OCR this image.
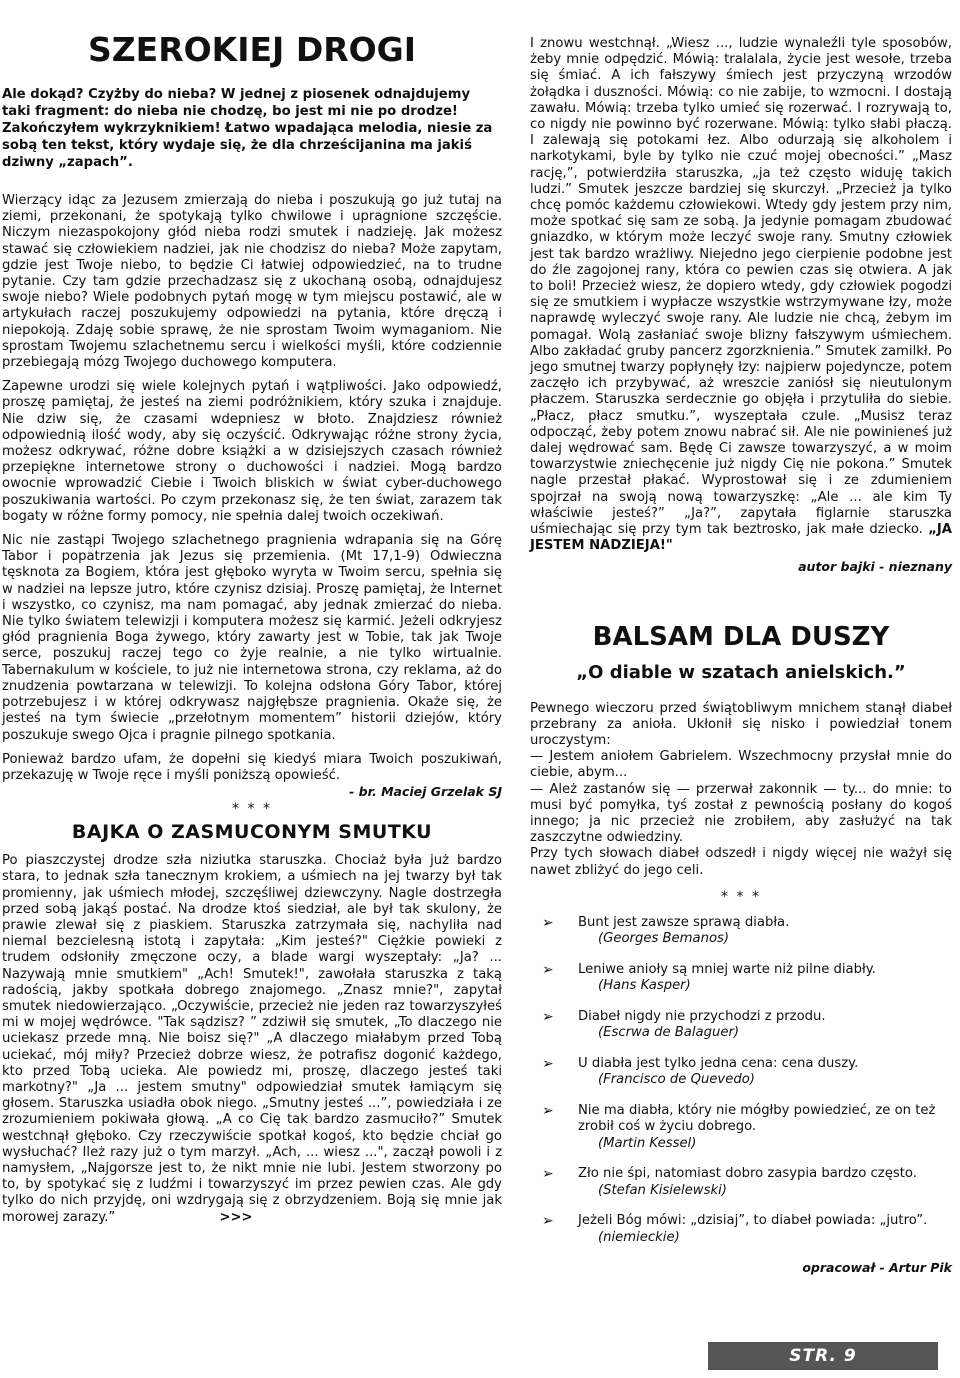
SZEROKIEJ DROGI

Ale dokąd? Czyżby do nieba? W jednej z piosenek odnajdujemy taki fragment: do nieba nie chodzę, bo jest mi nie po drodze! Zakończyłem wykrzyknikiem! Łatwo wpadająca melodia, niesie za sobą ten tekst, który wydaje się, że dla chrześcijanina ma jakiś dziwny „zapach”.

Wierzący idąc za Jezusem zmierzają do nieba i poszukują go już tutaj na ziemi, przekonani, że spotykają tylko chwilowe i upragnione szczęście. Niczym niezaspokojony głód nieba rodzi smutek i nadzieję. Jak możesz stawać się człowiekiem nadziei, jak nie chodzisz do nieba? Może zapytam, gdzie jest Twoje niebo, to będzie Ci łatwiej odpowiedzieć, na to trudne pytanie. Czy tam gdzie przechadzasz się z ukochaną osobą, odnajdujesz swoje niebo? Wiele podobnych pytań mogę w tym miejscu postawić, ale w artykułach raczej poszukujemy odpowiedzi na pytania, które dręczą i niepokoją. Zdaję sobie sprawę, że nie sprostam Twoim wymaganiom. Nie sprostam Twojemu szlachetnemu sercu i wielkości myśli, które codziennie przebiegają mózg Twojego duchowego komputera.

Zapewne urodzi się wiele kolejnych pytań i wątpliwości. Jako odpowiedź, proszę pamiętaj, że jesteś na ziemi podróżnikiem, który szuka i znajduje. Nie dziw się, że czasami wdepniesz w błoto. Znajdziesz również odpowiednią ilość wody, aby się oczyścić. Odkrywając różne strony życia, możesz odkrywać, różne dobre książki a w dzisiejszych czasach również przepiękne internetowe strony o duchowości i nadziei. Mogą bardzo owocnie wprowadzić Ciebie i Twoich bliskich w świat cyber-duchowego poszukiwania wartości. Po czym przekonasz się, że ten świat, zarazem tak bogaty w różne formy pomocy, nie spełnia dalej twoich oczekiwań.

Nic nie zastąpi Twojego szlachetnego pragnienia wdrapania się na Górę Tabor i popatrzenia jak Jezus się przemienia. (Mt 17,1-9) Odwieczna tęsknota za Bogiem, która jest głęboko wyryta w Twoim sercu, spełnia się w nadziei na lepsze jutro, które czynisz dzisiaj. Proszę pamiętaj, że Internet i wszystko, co czynisz, ma nam pomagać, aby jednak zmierzać do nieba. Nie tylko światem telewizji i komputera możesz się karmić. Jeżeli odkryjesz głód pragnienia Boga żywego, który zawarty jest w Tobie, tak jak Twoje serce, poszukuj raczej tego co żyje realnie, a nie tylko wirtualnie. Tabernakulum w kościele, to już nie internetowa strona, czy reklama, aż do znudzenia powtarzana w telewizji. To kolejna odsłona Góry Tabor, której potrzebujesz i w której odkrywasz najgłębsze pragnienia. Okaże się, że jesteś na tym świecie „przełotnym momentem” historii dziejów, który poszukuje swego Ojca i pragnie pilnego spotkania.

Ponieważ bardzo ufam, że dopełni się kiedyś miara Twoich poszukiwań, przekazuję w Twoje ręce i myśli poniższą opowieść.

- br. Maciej Grzelak SJ

* * *

BAJKA O ZASMUCONYM SMUTKU

Po piaszczystej drodze szła niziutka staruszka. Chociaż była już bardzo stara, to jednak szła tanecznym krokiem, a uśmiech na jej twarzy był tak promienny, jak uśmiech młodej, szczęśliwej dziewczyny. Nagle dostrzegła przed sobą jakąś postać. Na drodze ktoś siedział, ale był tak skulony, że prawie zlewał się z piaskiem. Staruszka zatrzymała się, nachyliła nad niemal bezcielesną istotą i zapytała: „Kim jesteś?" Ciężkie powieki z trudem odsłoniły zmęczone oczy, a blade wargi wyszeptały: „Ja? ... Nazywają mnie smutkiem" „Ach! Smutek!", zawołała staruszka z taką radością, jakby spotkała dobrego znajomego. „Znasz mnie?", zapytał smutek niedowierzająco. „Oczywiście, przecież nie jeden raz towarzyszyłeś mi w mojej wędrówce. "Tak sądzisz? ” zdziwił się smutek, „To dlaczego nie uciekasz przede mną. Nie boisz się?" „A dlaczego miałabym przed Tobą uciekać, mój miły? Przecież dobrze wiesz, że potrafisz dogonić każdego, kto przed Tobą ucieka. Ale powiedz mi, proszę, dlaczego jesteś taki markotny?" „Ja ... jestem smutny" odpowiedział smutek łamiącym się głosem. Staruszka usiadła obok niego. „Smutny jesteś ...”, powiedziała i ze zrozumieniem pokiwała głową. „A co Cię tak bardzo zasmuciło?” Smutek westchnął głęboko. Czy rzeczywiście spotkał kogoś, kto będzie chciał go wysłuchać? Ileż razy już o tym marzył. „Ach, ... wiesz ...", zaczął powoli i z namysłem, „Najgorsze jest to, że nikt mnie nie lubi. Jestem stworzony po to, by spotykać się z ludźmi i towarzyszyć im przez pewien czas. Ale gdy tylko do nich przyjdę, oni wzdrygają się z obrzydzeniem. Boją się mnie jak morowej zarazy.”	>>>

I znowu westchnął. „Wiesz ..., ludzie wynaleźli tyle sposobów, żeby mnie odpędzić. Mówią: tralalala, życie jest wesołe, trzeba się śmiać. A ich fałszywy śmiech jest przyczyną wrzodów żołądka i duszności. Mówią: co nie zabije, to wzmocni. I dostają zawału. Mówią: trzeba tylko umieć się rozerwać. I rozrywają to, co nigdy nie powinno być rozerwane. Mówią: tylko słabi płaczą. I zalewają się potokami łez. Albo odurzają się alkoholem i narkotykami, byle by tylko nie czuć mojej obecności.” „Masz rację,”, potwierdziła staruszka, „ja też często widuję takich ludzi.” Smutek jeszcze bardziej się skurczył. „Przecież ja tylko chcę pomóc każdemu człowiekowi. Wtedy gdy jestem przy nim, może spotkać się sam ze sobą. Ja jedynie pomagam zbudować gniazdko, w którym może leczyć swoje rany. Smutny człowiek jest tak bardzo wrażliwy. Niejedno jego cierpienie podobne jest do źle zagojonej rany, która co pewien czas się otwiera. A jak to boli! Przecież wiesz, że dopiero wtedy, gdy człowiek pogodzi się ze smutkiem i wypłacze wszystkie wstrzymywane łzy, może naprawdę wyleczyć swoje rany. Ale ludzie nie chcą, żebym im pomagał. Wolą zasłaniać swoje blizny fałszywym uśmiechem. Albo zakładać gruby pancerz zgorzknienia.” Smutek zamilkł. Po jego smutnej twarzy popłynęły łzy: najpierw pojedyncze, potem zaczęło ich przybywać, aż wreszcie zaniósł się nieutulonym płaczem. Staruszka serdecznie go objęła i przytuliła do siebie. „Płacz, płacz smutku.”, wyszeptała czule. „Musisz teraz odpocząć, żeby potem znowu nabrać sił. Ale nie powinieneś już dalej wędrować sam. Będę Ci zawsze towarzyszyć, a w moim towarzystwie zniechęcenie już nigdy Cię nie pokona.” Smutek nagle przestał płakać. Wyprostował się i ze zdumieniem spojrzał na swoją nową towarzyszkę: „Ale ... ale kim Ty właściwie jesteś?” „Ja?”, zapytała figlarnie staruszka uśmiechając się przy tym tak beztrosko, jak małe dziecko. „JA JESTEM NADZIEJA!"

autor bajki - nieznany

BALSAM DLA DUSZY
„O diable w szatach anielskich.”

Pewnego wieczoru przed świątobliwym mnichem stanął diabeł przebrany za anioła. Ukłonił się nisko i powiedział tonem uroczystym:

— Jestem aniołem Gabrielem. Wszechmocny przysłał mnie do ciebie, abym...

— Ależ zastanów się — przerwał zakonnik — ty... do mnie: to musi być pomyłka, tyś został z pewnością posłany do kogoś innego; ja nic przecież nie zrobiłem, aby zasłużyć na tak zaszczytne odwiedziny.

Przy tych słowach diabeł odszedł i nigdy więcej nie ważył się nawet zbliżyć do jego celi.

* * *

➢ Bunt jest zawsze sprawą diabła.
(Georges Bemanos)
➢ Leniwe anioły są mniej warte niż pilne diabły.
(Hans Kasper)
➢ Diabeł nigdy nie przychodzi z przodu.
(Escrwa de Balaguer)
➢ U diabła jest tylko jedna cena: cena duszy.
(Francisco de Quevedo)
➢ Nie ma diabła, który nie mógłby powiedzieć, ze on też zrobił coś w życiu dobrego.
(Martin Kessel)
➢ Zło nie śpi, natomiast dobro zasypia bardzo często.
(Stefan Kisielewski)
➢ Jeżeli Bóg mówi: „dzisiaj”, to diabeł powiada: „jutro”.
(niemieckie)

opracował - Artur Pik

STR. 9
